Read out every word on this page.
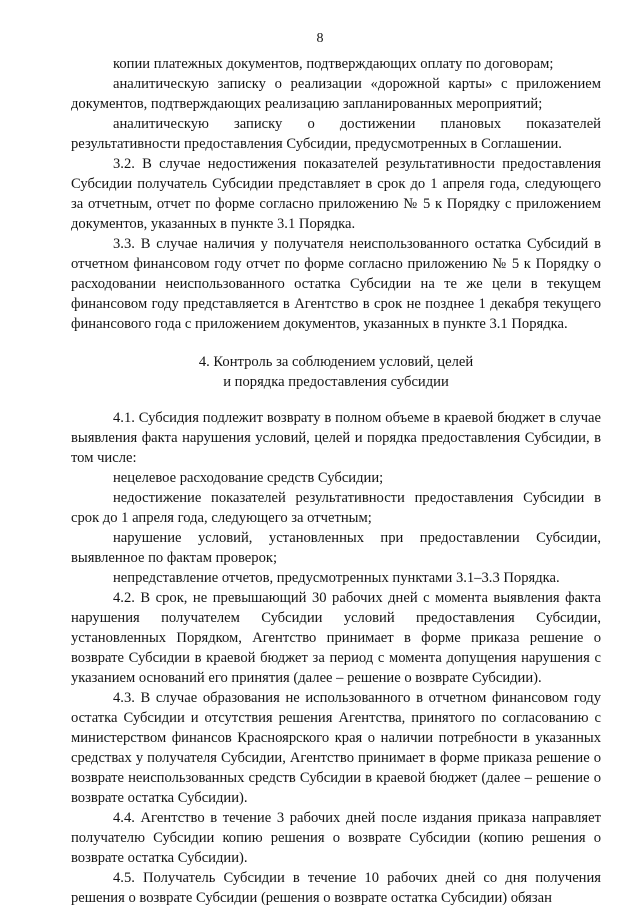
8

копии платежных документов, подтверждающих оплату по договорам;

аналитическую записку о реализации «дорожной карты» с приложением документов, подтверждающих реализацию запланированных мероприятий;

аналитическую записку о достижении плановых показателей результативности предоставления Субсидии, предусмотренных в Соглашении.

3.2. В случае недостижения показателей результативности предоставления Субсидии получатель Субсидии представляет в срок до 1 апреля года, следующего за отчетным, отчет по форме согласно приложению № 5 к Порядку с приложением документов, указанных в пункте 3.1 Порядка.

3.3. В случае наличия у получателя неиспользованного остатка Субсидий в отчетном финансовом году отчет по форме согласно приложению № 5 к Порядку о расходовании неиспользованного остатка Субсидии на те же цели в текущем финансовом году представляется в Агентство в срок не позднее 1 декабря текущего финансового года с приложением документов, указанных в пункте 3.1 Порядка.

4. Контроль за соблюдением условий, целей
и порядка предоставления субсидии

4.1. Субсидия подлежит возврату в полном объеме в краевой бюджет в случае выявления факта нарушения условий, целей и порядка предоставления Субсидии, в том числе:

нецелевое расходование средств Субсидии;

недостижение показателей результативности предоставления Субсидии в срок до 1 апреля года, следующего за отчетным;

нарушение условий, установленных при предоставлении Субсидии, выявленное по фактам проверок;

непредставление отчетов, предусмотренных пунктами 3.1–3.3 Порядка.

4.2. В срок, не превышающий 30 рабочих дней с момента выявления факта нарушения получателем Субсидии условий предоставления Субсидии, установленных Порядком, Агентство принимает в форме приказа решение о возврате Субсидии в краевой бюджет за период с момента допущения нарушения с указанием оснований его принятия (далее – решение о возврате Субсидии).

4.3. В случае образования не использованного в отчетном финансовом году остатка Субсидии и отсутствия решения Агентства, принятого по согласованию с министерством финансов Красноярского края о наличии потребности в указанных средствах у получателя Субсидии, Агентство принимает в форме приказа решение о возврате неиспользованных средств Субсидии в краевой бюджет (далее – решение о возврате остатка Субсидии).

4.4. Агентство в течение 3 рабочих дней после издания приказа направляет получателю Субсидии копию решения о возврате Субсидии (копию решения о возврате остатка Субсидии).

4.5. Получатель Субсидии в течение 10 рабочих дней со дня получения решения о возврате Субсидии (решения о возврате остатка Субсидии) обязан
